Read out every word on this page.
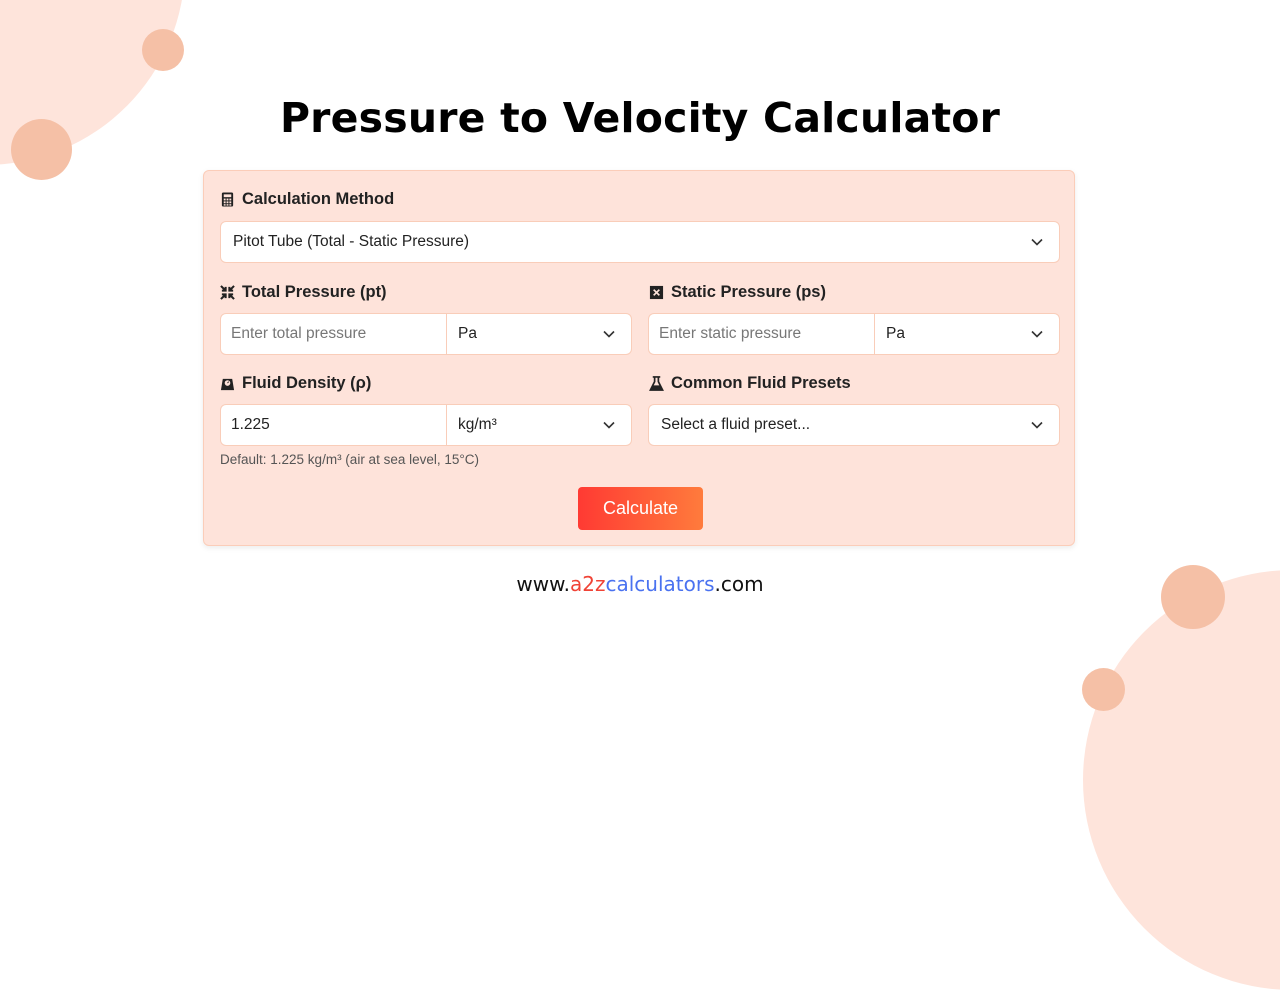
Pressure to Velocity Calculator
Calculation Method
Pitot Tube (Total - Static Pressure)
Total Pressure (pt)
Enter total pressure
Pa
Static Pressure (ps)
Enter static pressure
Pa
Fluid Density (ρ)
1.225
kg/m³
Default: 1.225 kg/m³ (air at sea level, 15°C)
Common Fluid Presets
Select a fluid preset...
Calculate
www.a2zcalculators.com
